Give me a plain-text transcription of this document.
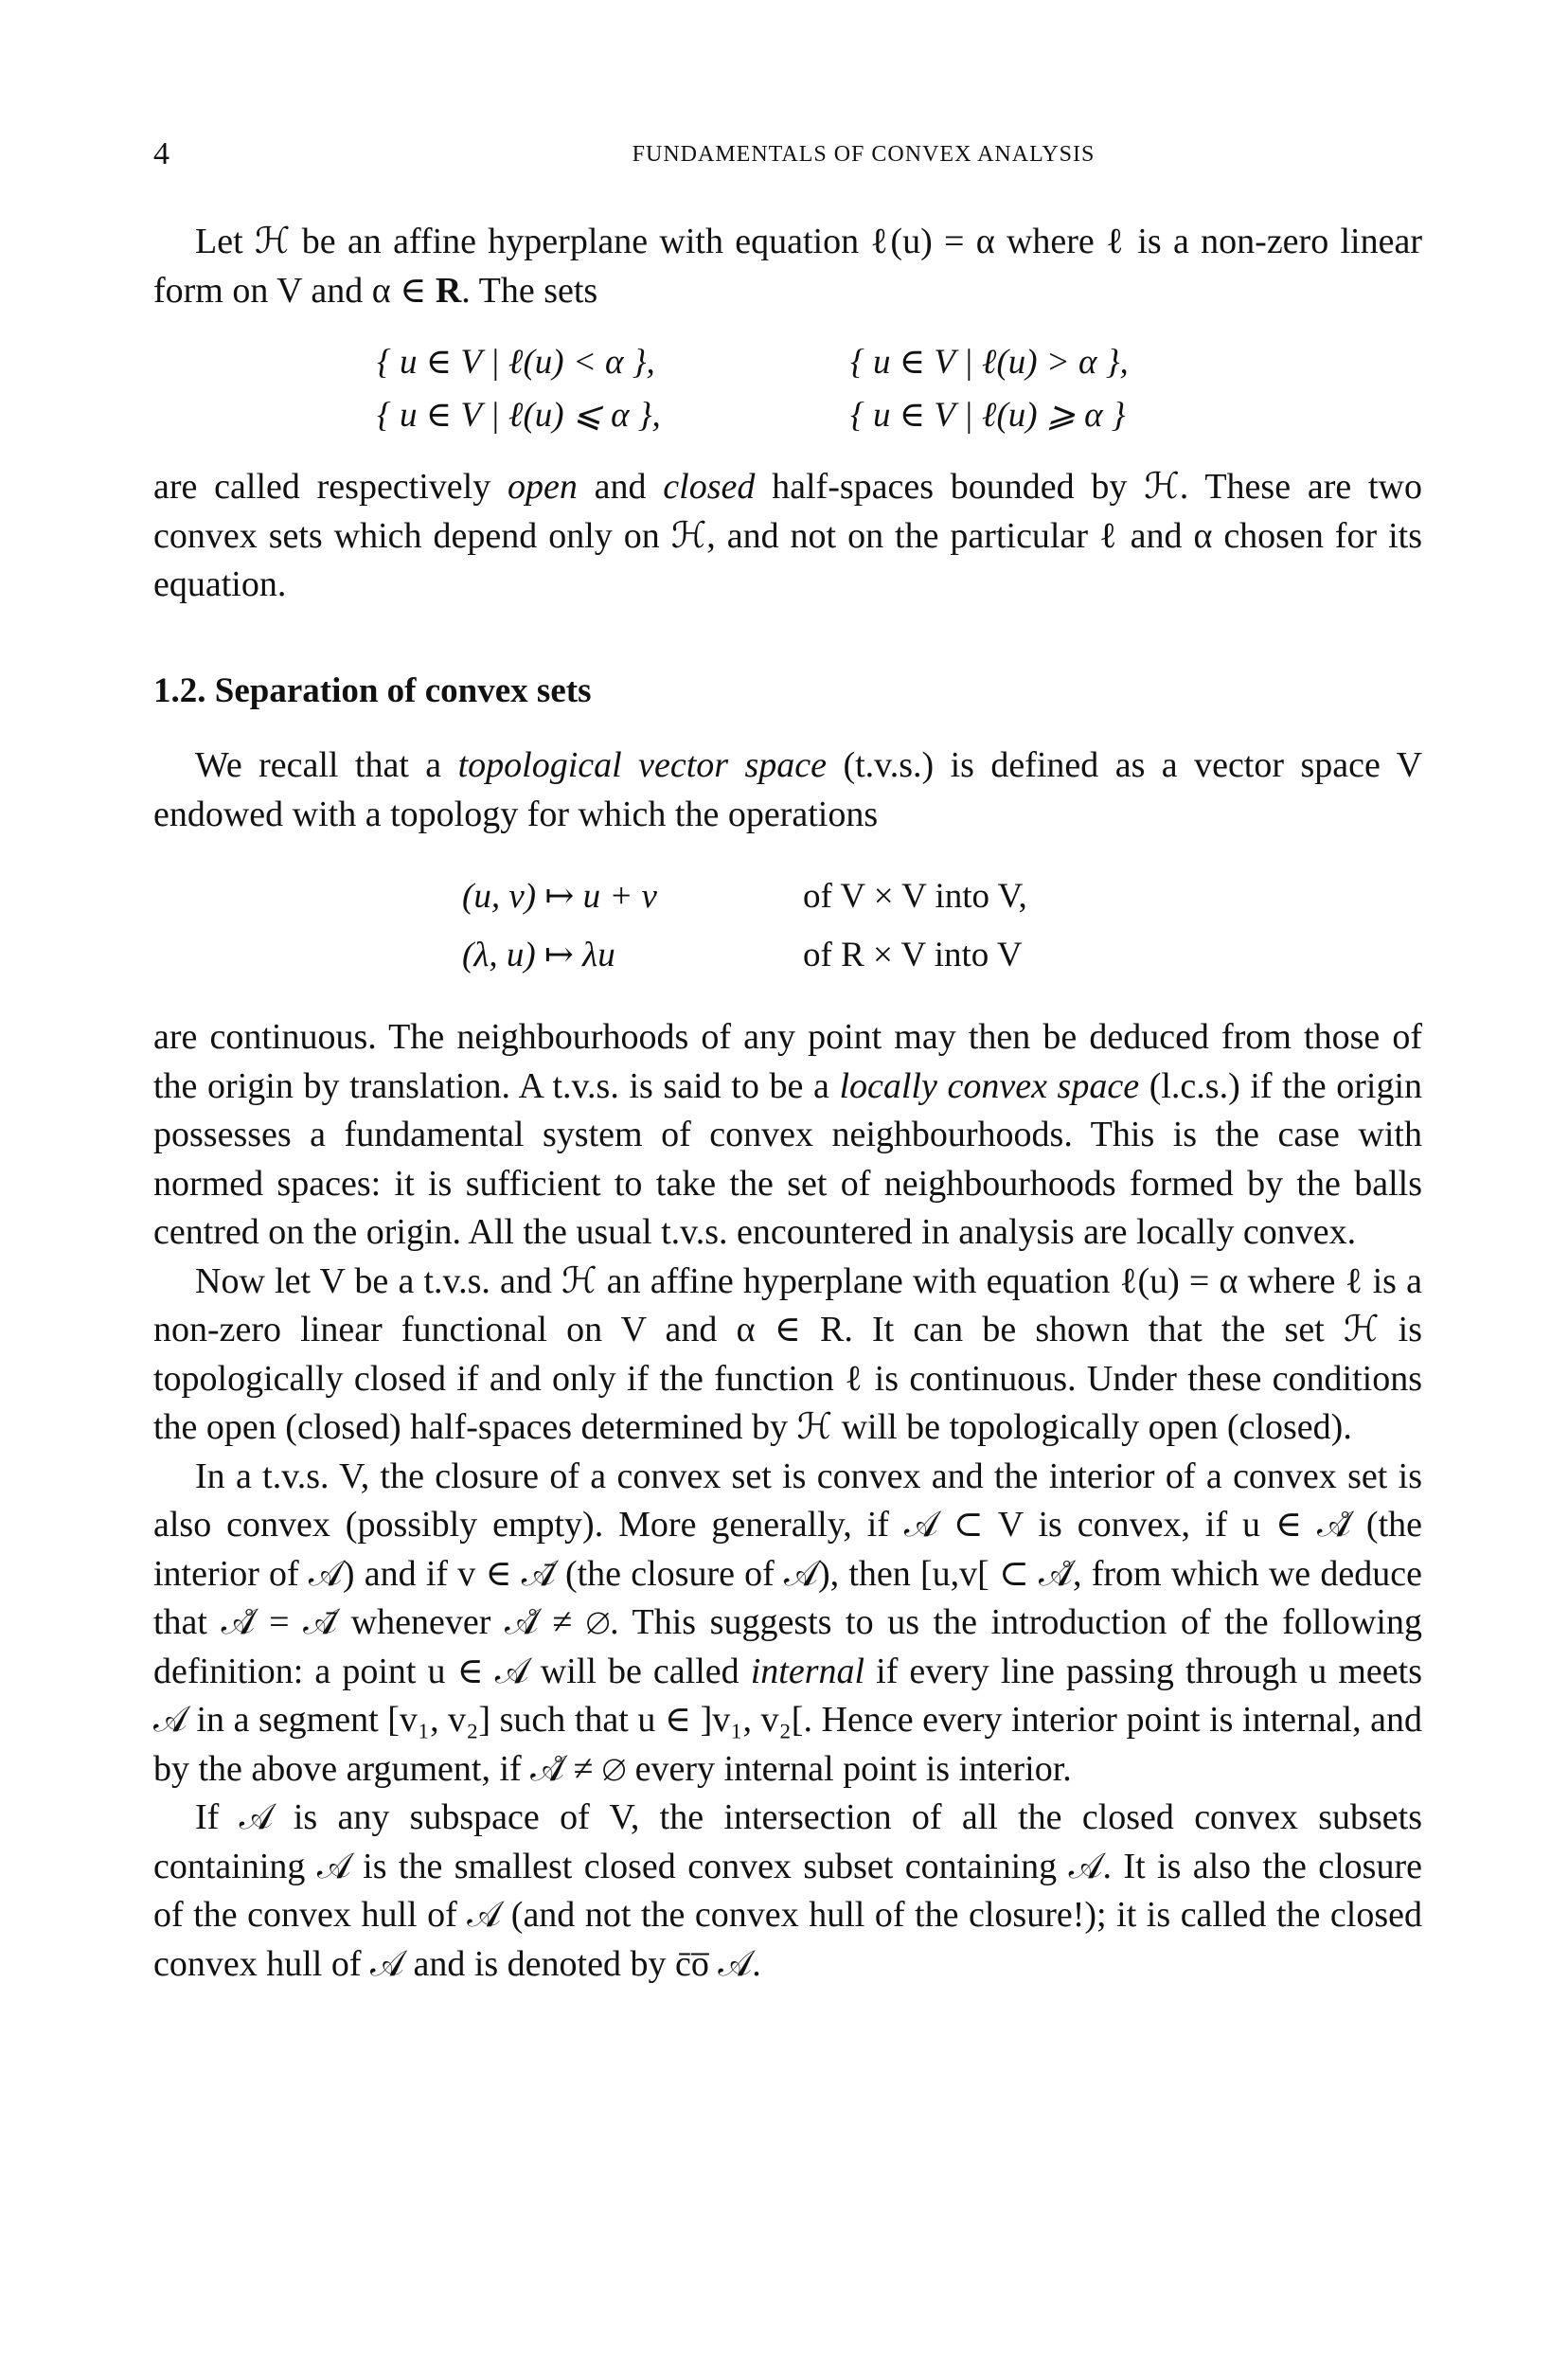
4	FUNDAMENTALS OF CONVEX ANALYSIS

Let ℋ be an affine hyperplane with equation ℓ(u) = α where ℓ is a non-zero linear form on V and α ∈ R. The sets

{ u ∈ V | ℓ(u) < α },	{ u ∈ V | ℓ(u) > α },
{ u ∈ V | ℓ(u) ⩽ α },	{ u ∈ V | ℓ(u) ⩾ α }

are called respectively open and closed half-spaces bounded by ℋ. These are two convex sets which depend only on ℋ, and not on the particular ℓ and α chosen for its equation.

1.2. Separation of convex sets

We recall that a topological vector space (t.v.s.) is defined as a vector space V endowed with a topology for which the operations

(u, v) ↦ u + v	of V × V into V,
(λ, u) ↦ λu	of R × V into V

are continuous. The neighbourhoods of any point may then be deduced from those of the origin by translation. A t.v.s. is said to be a locally convex space (l.c.s.) if the origin possesses a fundamental system of convex neighbourhoods. This is the case with normed spaces: it is sufficient to take the set of neighbourhoods formed by the balls centred on the origin. All the usual t.v.s. encountered in analysis are locally convex.

Now let V be a t.v.s. and ℋ an affine hyperplane with equation ℓ(u) = α where ℓ is a non-zero linear functional on V and α ∈ R. It can be shown that the set ℋ is topologically closed if and only if the function ℓ is continuous. Under these conditions the open (closed) half-spaces determined by ℋ will be topologically open (closed).

In a t.v.s. V, the closure of a convex set is convex and the interior of a convex set is also convex (possibly empty). More generally, if 𝒜 ⊂ V is convex, if u ∈ 𝒜̊ (the interior of 𝒜) and if v ∈ 𝒜̄ (the closure of 𝒜), then [u,v[ ⊂ 𝒜̊, from which we deduce that 𝒜̊ = 𝒜̄ whenever 𝒜̊ ≠ ∅. This suggests to us the introduction of the following definition: a point u ∈ 𝒜 will be called internal if every line passing through u meets 𝒜 in a segment [v₁, v₂] such that u ∈ ]v₁, v₂[. Hence every interior point is internal, and by the above argument, if 𝒜̊ ≠ ∅ every internal point is interior.

If 𝒜 is any subspace of V, the intersection of all the closed convex subsets containing 𝒜 is the smallest closed convex subset containing 𝒜. It is also the closure of the convex hull of 𝒜 (and not the convex hull of the closure!); it is called the closed convex hull of 𝒜 and is denoted by c̄o̅ 𝒜.
